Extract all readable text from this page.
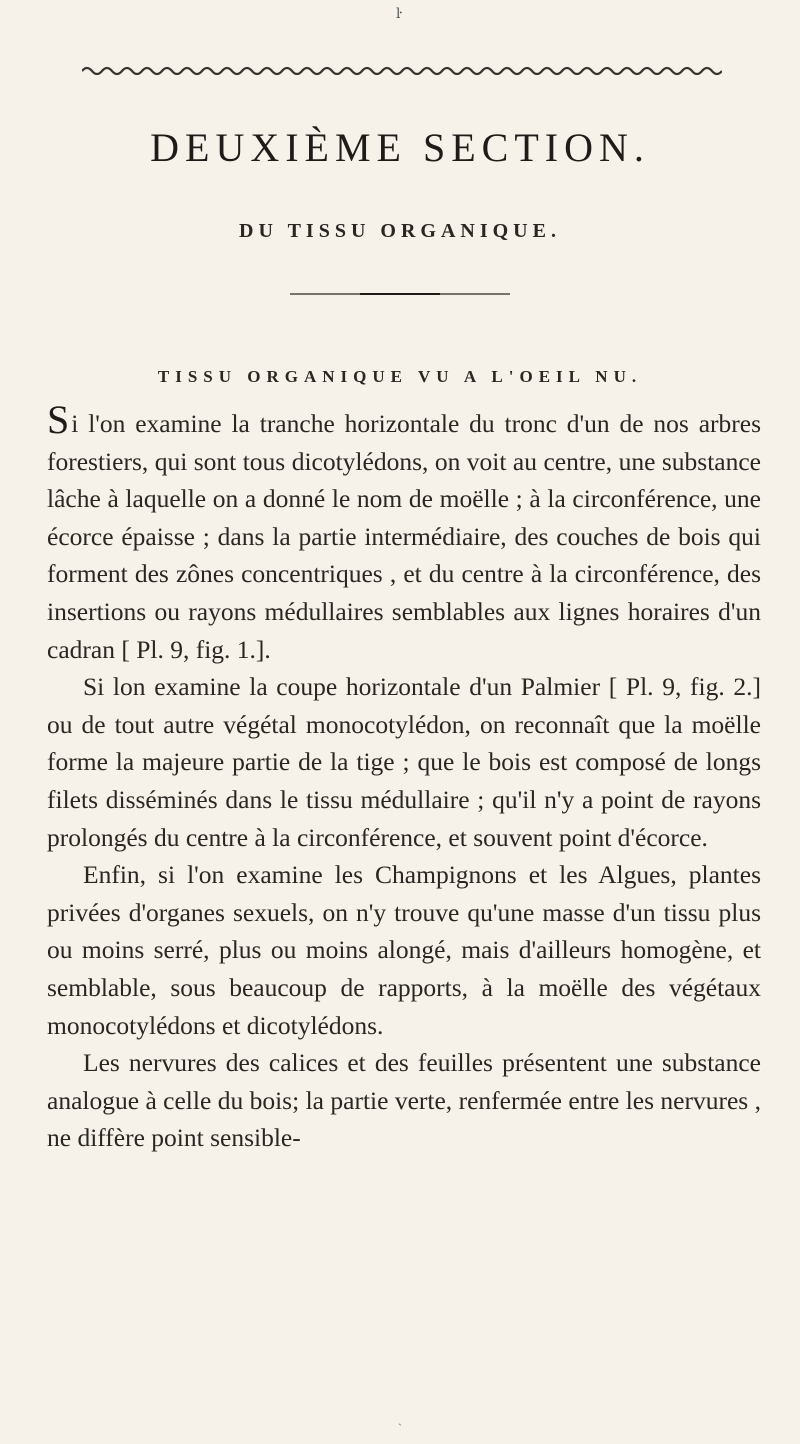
ŀ
DEUXIÈME SECTION.
DU TISSU ORGANIQUE.
TISSU ORGANIQUE VU A L'OEIL NU.

Si l'on examine la tranche horizontale du tronc d'un de nos arbres forestiers, qui sont tous dicotylédons, on voit au centre, une substance lâche à laquelle on a donné le nom de moëlle ; à la circonférence, une écorce épaisse ; dans la partie intermédiaire, des couches de bois qui forment des zônes concentriques , et du centre à la circonférence, des insertions ou rayons médullaires semblables aux lignes horaires d'un cadran [ Pl. 9, fig. 1.].

Si lon examine la coupe horizontale d'un Palmier [ Pl. 9, fig. 2.] ou de tout autre végétal monocotylédon, on reconnaît que la moëlle forme la majeure partie de la tige ; que le bois est composé de longs filets disséminés dans le tissu médullaire ; qu'il n'y a point de rayons prolongés du centre à la circonférence, et souvent point d'écorce.

Enfin, si l'on examine les Champignons et les Algues, plantes privées d'organes sexuels, on n'y trouve qu'une masse d'un tissu plus ou moins serré, plus ou moins alongé, mais d'ailleurs homogène, et semblable, sous beaucoup de rapports, à la moëlle des végétaux monocotylédons et dicotylédons.

Les nervures des calices et des feuilles présentent une substance analogue à celle du bois; la partie verte, renfermée entre les nervures , ne diffère point sensible-

ˎ
